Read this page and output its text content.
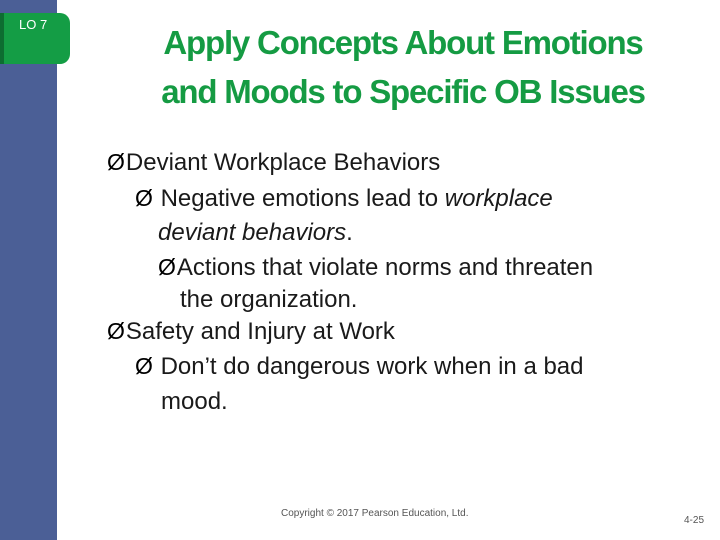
LO 7	Apply Concepts About Emotions
and Moods to Specific OB Issues
ØDeviant Workplace Behaviors
Ø Negative emotions lead to workplace
deviant behaviors.
ØActions that violate norms and threaten
the organization.
ØSafety and Injury at Work
Ø Don’t do dangerous work when in a bad
mood.
Copyright © 2017 Pearson Education, Ltd.
4-25
